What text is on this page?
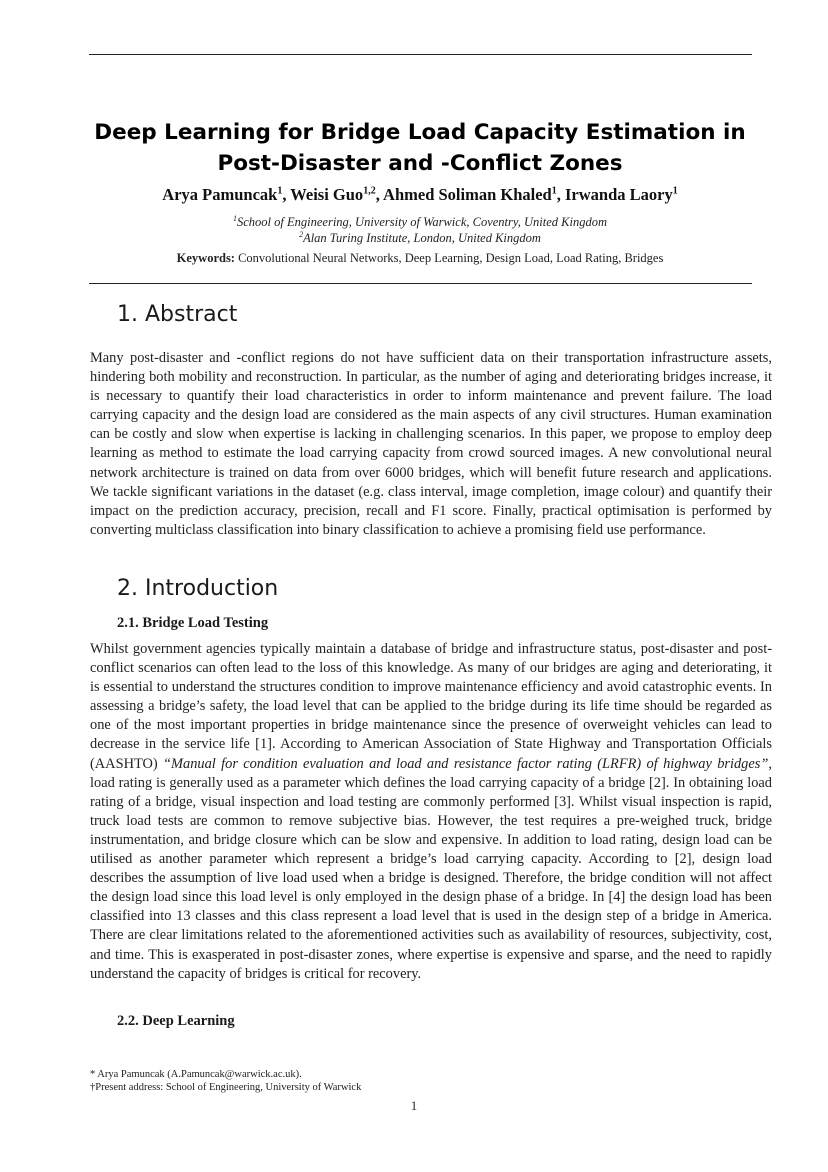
Deep Learning for Bridge Load Capacity Estimation in
Post-Disaster and -Conflict Zones
Arya Pamuncak$^1$, Weisi Guo$^{1,2}$, Ahmed Soliman Khaled$^1$, Irwanda Laory$^1$
$^1$School of Engineering, University of Warwick, Coventry, United Kingdom
$^2$Alan Turing Institute, London, United Kingdom
Keywords: Convolutional Neural Networks, Deep Learning, Design Load, Load Rating, Bridges
1. Abstract

Many post-disaster and -conflict regions do not have sufficient data on their transportation infrastructure assets, hindering both mobility and reconstruction. In particular, as the number of aging and deteriorating bridges increase, it is necessary to quantify their load characteristics in order to inform maintenance and prevent failure. The load carrying capacity and the design load are considered as the main aspects of any civil structures. Human examination can be costly and slow when expertise is lacking in challenging scenarios. In this paper, we propose to employ deep learning as method to estimate the load carrying capacity from crowd sourced images. A new convolutional neural network architecture is trained on data from over 6000 bridges, which will benefit future research and applications. We tackle significant variations in the dataset (e.g. class interval, image completion, image colour) and quantify their impact on the prediction accuracy, precision, recall and F1 score. Finally, practical optimisation is performed by converting multiclass classification into binary classification to achieve a promising field use performance.

2. Introduction
2.1. Bridge Load Testing

Whilst government agencies typically maintain a database of bridge and infrastructure status, post-disaster and post-conflict scenarios can often lead to the loss of this knowledge. As many of our bridges are aging and deteriorating, it is essential to understand the structures condition to improve maintenance efficiency and avoid catastrophic events. In assessing a bridge’s safety, the load level that can be applied to the bridge during its life time should be regarded as one of the most important properties in bridge maintenance since the presence of overweight vehicles can lead to decrease in the service life [1]. According to American Association of State Highway and Transportation Officials (AASHTO) “Manual for condition evaluation and load and resistance factor rating (LRFR) of highway bridges”, load rating is generally used as a parameter which defines the load carrying capacity of a bridge [2]. In obtaining load rating of a bridge, visual inspection and load testing are commonly performed [3]. Whilst visual inspection is rapid, truck load tests are common to remove subjective bias. However, the test requires a pre-weighed truck, bridge instrumentation, and bridge closure which can be slow and expensive. In addition to load rating, design load can be utilised as another parameter which represent a bridge’s load carrying capacity. According to [2], design load describes the assumption of live load used when a bridge is designed. Therefore, the bridge condition will not affect the design load since this load level is only employed in the design phase of a bridge. In [4] the design load has been classified into 13 classes and this class represent a load level that is used in the design step of a bridge in America. There are clear limitations related to the aforementioned activities such as availability of resources, subjectivity, cost, and time. This is exasperated in post-disaster zones, where expertise is expensive and sparse, and the need to rapidly understand the capacity of bridges is critical for recovery.

2.2. Deep Learning
* Arya Pamuncak (A.Pamuncak@warwick.ac.uk).
†Present address: School of Engineering, University of Warwick
1
